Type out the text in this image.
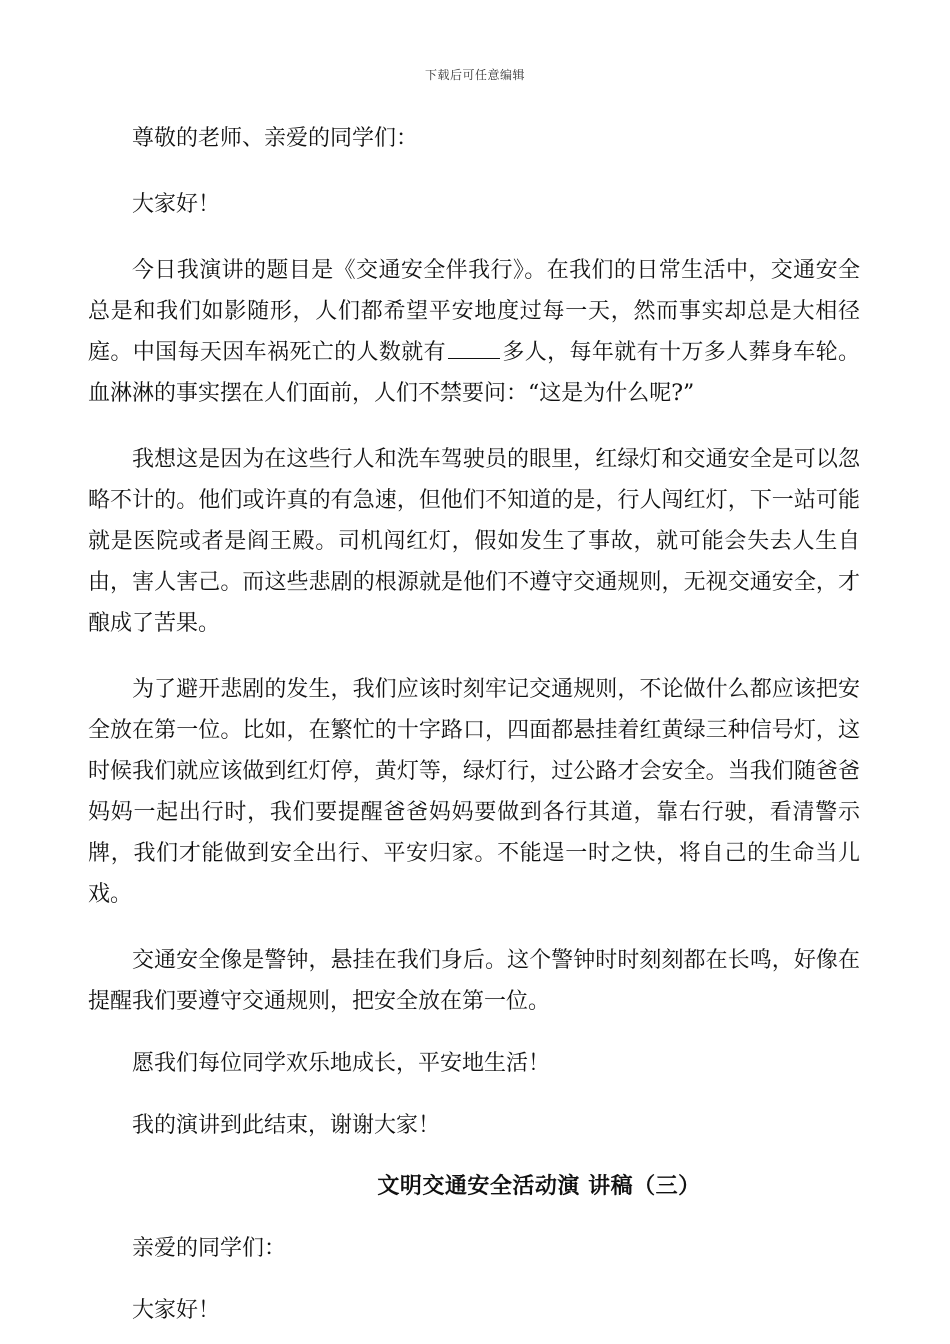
下载后可任意编辑

尊敬的老师、亲爱的同学们：

大家好！

今日我演讲的题目是《交通安全伴我行》。在我们的日常生活中，交通安全总是和我们如影随形，人们都希望平安地度过每一天，然而事实却总是大相径庭。中国每天因车祸死亡的人数就有	多人，每年就有十万多人葬身车轮。血淋淋的事实摆在人们面前，人们不禁要问：“这是为什么呢?”

我想这是因为在这些行人和洗车驾驶员的眼里，红绿灯和交通安全是可以忽略不计的。他们或许真的有急速，但他们不知道的是，行人闯红灯，下一站可能就是医院或者是阎王殿。司机闯红灯，假如发生了事故，就可能会失去人生自由，害人害己。而这些悲剧的根源就是他们不遵守交通规则，无视交通安全，才酿成了苦果。

为了避开悲剧的发生，我们应该时刻牢记交通规则，不论做什么都应该把安全放在第一位。比如，在繁忙的十字路口，四面都悬挂着红黄绿三种信号灯，这时候我们就应该做到红灯停，黄灯等，绿灯行，过公路才会安全。当我们随爸爸妈妈一起出行时，我们要提醒爸爸妈妈要做到各行其道，靠右行驶，看清警示牌，我们才能做到安全出行、平安归家。不能逞一时之快，将自己的生命当儿戏。

交通安全像是警钟，悬挂在我们身后。这个警钟时时刻刻都在长鸣，好像在提醒我们要遵守交通规则，把安全放在第一位。

愿我们每位同学欢乐地成长，平安地生活！

我的演讲到此结束，谢谢大家！

文明交通安全活动演 讲稿（三）

亲爱的同学们：

大家好！
